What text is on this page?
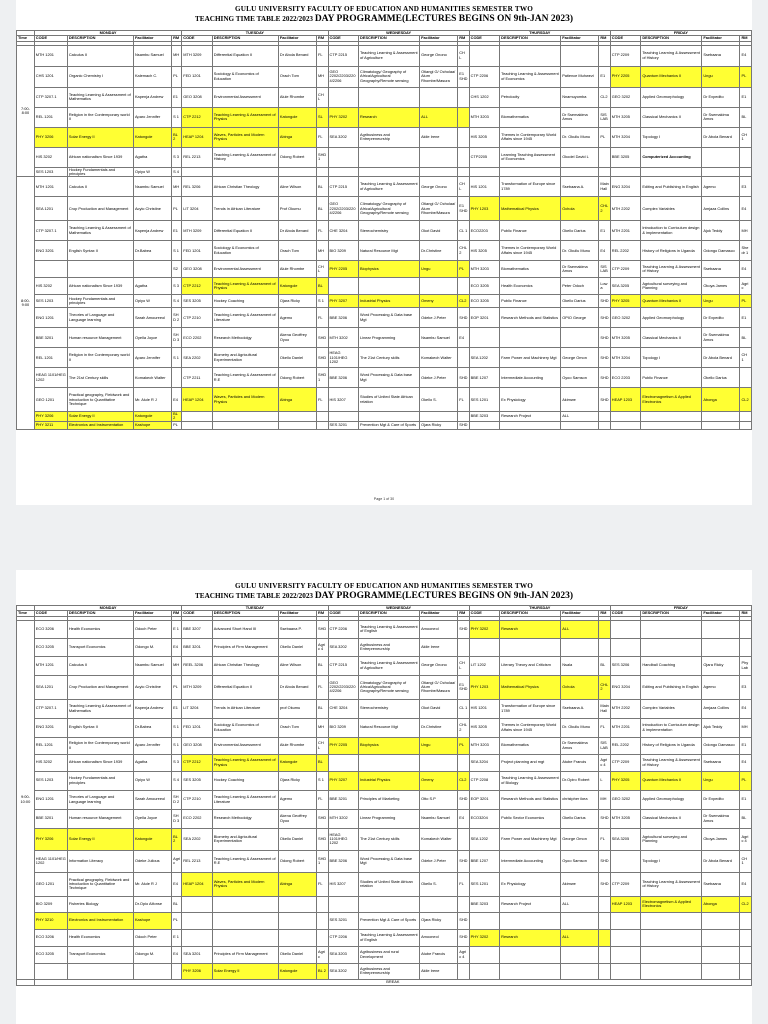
GULU UNIVERSITY FACULTY OF EDUCATION AND HUMANITIES SEMESTER TWO
TEACHING TIME TABLE 2022/2023 DAY PROGRAMME(LECTURES BEGINS ON 9th-JAN 2023)
	MONDAY				TUESDAY				WEDNESDAY				THURSDAY				FRIDAY			
Time	CODE	DESCRIPTION	Facilitator	RM	CODE	DESCRIPTION	Facilitator	RM	CODE	DESCRIPTION	Facilitator	RM	CODE	DESCRIPTION	Facilitator	RM	CODE	DESCRIPTION	Facilitator	RM

7:00-8:00	MTH 1201	Calculus II	Nsambu Samuel	MH	MTH 3209	Differential Equation II	Dr Abola Benard	FL	CTP 2215	Teaching Learning & Assessment of Agriculture	George Onono	CH L					CTP 2209	Teaching Learning & Assessment of History	Ssebaana	E4
	CHS 1201	Organic Chemistry I	Kalemach C.	PL	FED 1201	Sociology & Economics of Education	Orach Tom	MH	GEO 2202/2203/2204/2206	Climatology/ Geography of Africa/Agricultural Geography/Remote sensing	Otiangi G/ Ocholaa/ Alum Rhombe/Masura	E1 SHD	CTP 2206	Teaching Learning & Assessment of Economics	Patience Muhwezi	E1	PHY 2205	Quantum Mechanics II	Ungu	PL
	CTP 3207.1	Teaching Learning & Assessment of Mathematics	Kapenja Andrew	E1	GEO 3208	Environmental Assessment	Alule Rhombe	CH L					CHS 1202	Petrolocity	Nnamuyomba	CL2	GEO 3202	Applied Geomorphology	Dr Expedito	E1
	REL 1201	Religion in the Contemporary world II	Aparo Jennifer	S 1	CTP 2212	Teaching Learning & Assessment of Physics	Katongole	SL	PHY 3202	Research	ALL		MTH 3203	Biomathematics	Dr Ssemakima Amos	SIS LAB	MTH 3205	Classical Mechanics II	Dr Ssemakima Amos	BL
	PHY 3206	Solar Energy II	Katongole	BL 2	HEAP 1204	Waves, Particles and Modern Physics	Abinga	FL	SEA 3202	Agribusiness and Entrepreneurship	Akile Irene		HIS 3205	Themes in Contemporary World Affairs since 1945	Dr. Okullu Munu	PL	MTH 3204	Topology I	Dr Abola Benard	CH 1
	HIS 3202	African nationalism Since 1939	Agatha	S 3	REL 2213	Teaching Learning & Assessment of History	Odong Robert	SHD 1					CTP2205	Learning Teaching Assessment of Economics	Okodel David L		BBE 3205	Computerized Accounting		
	SES 1203	Hockey Fundamentals and principles	Opiyo W	S 4																
8:00-9:00	MTH 1201	Calculus II	Nsambu Samuel	MH	REL 3206	African Christian Theology	Aline Wilson	BL	CTP 2215	Teaching Learning & Assessment of Agriculture	George Onono	CH L	HIS 1201	Transformation of Europe since 1789	Ssebaana A.	Main Hall	ENG 3204	Editing and Publishing in English	Agemo	E3
	SEA 1201	Crop Production and Management	Acyio Christine	PL	LIT 3204	Trends in African Literature	Prof Okumu	BL	GEO 2202/2203/2204/2206	Climatology/ Geography of Africa/Agricultural Geography/Remote sensing	Otiangi G/ Ocholaa/ Alum Rhombe/Masura	E1 SHD	PHY 1203	Mathematical Physics	Ochola	CHL 2	MTH 2202	Complex Variables	Amjaza Collins	E4
	CTP 3207.1	Teaching Learning & Assessment of Mathematics	Kapenja Andrew	E1	MTH 3209	Differential Equation II	Dr Abola Benard	FL	CHE 3204	Stereochemistry	Okot David	CL 1	ECO2203	Public Finance	Okello Darius	E1	MTH 2201	Introduction to Curriculum design & implementation	Ajok Teddy	MH
	ENG 3201	English Syntax II	Dr.Babea	S 1	FED 1201	Sociology & Economics of Education	Orach Tom	MH	BIO 3209	Natural Resource Mgt	Dr.Christine	CHL 2	HIS 3205	Themes in Contemporary World Affairs since 1945	Dr. Okullu Munu	E4	REL 2202	History of Religions in Uganda	Odongo Damasco	She dr 1
				S2	GEO 3208	Environmental Assessment	Alule Rhombe	CH L	PHY 2205	Biophysics	Ungu	PL	MTH 3203	Biomathematics	Dr Ssemakima Amos	SIS LAB	CTP 2209	Teaching Learning & Assessment of History	Ssebaana	E4
	HIS 3202	African nationalism Since 1939	Agatha	S 3	CTP 2212	Teaching Learning & Assessment of Physics	Katongole	BL					ECO 3205	Health Economics	Peter Odoch	Lowa	SEA 3205	Agricultural surveying and Planning	Okoya James	Agric
	SES 1203	Hockey Fundamentals and principles	Opiyo W	S 4	SES 3205	Hockey Coaching	Ojara Ricky	S 1	PHY 3207	Industrial Physics	Omeny	CL2	ECO 3205	Public Finance	Okello Darius	SHD	PHY 3205	Quantum Mechanics II	Ungu	PL
	ENG 1201	Theories of Language and Language learning	Sarah Amoureeol	SHD 2	CTP 2210	Teaching Learning & Assessment of Literature	Agemo	FL	BBE 3206	Word Processing & Data base Mgt	Odeke J.Peter	SHD	EOP 3201	Research Methods and Statistics	OPIO George	SHD	GEO 3202	Applied Geomorphology	Dr Expedito	E1
	BBE 3201	Human resource Management	Oyella Joyce	SHD 3	ECO 2202	Research Methodolgy	Akena Geoffrey Oyoo	SHD	MTH 3202	Linear Programming	Nsambu Samuel	E4				SHD	MTH 3205	Classical Mechanics II	Dr Ssemakima Amos	BL
	REL 1201	Religion in the Contemporary world II	Aparo Jennifer	S 1	SEA 2202	Biometry and Agricultural Experimentation	Okello Daniel	SHD	HEAG 1101/HEG 1202	The 21st Century skills	Komakech Walter		SEA 1202	Farm Power and Machinery Mgt	George Omon	SHD	MTH 3204	Topology I	Dr Abola Benard	CH 1
	HEAG 1101/HEG 1202	The 21st Century skills	Komakech Walter		CTP 2211	Teaching Learning & Assessment of R.E	Odong Robert	SHD 1	BBE 3206	Word Processing & Data base Mgt	Odeke J.Peter	SHD	BBE 1207	Intermediate Accounting	Oyoo Samson	SHD	ECO 2203	Public Finance	Okello Darius	
	GEO 1201	Practical geography, Fieldwork and introduction to Quantitative Technique	Mr. Alule R J	E4	HEAP 1204	Waves, Particles and Modern Physics	Abinga	FL	HIS 3207	Studies of United State African relation	Okello S.	FL	SES 1201	Ex Physiology	Akimwe	SHD	HEAP 1203	Electromagnetism & Applied Electronics	Abonga	CL2
	PHY 3206	Solar Energy II	Katongole	BL 2									BBE 3203	Research Project	ALL					
	PHY 3211	Electronics and Instrumentation	Kashope	PL					SES 3201	Prevention Mgt & Care of Sports	Ojara Ricky	SHD								
Page 1 of 30
GULU UNIVERSITY FACULTY OF EDUCATION AND HUMANITIES SEMESTER TWO
TEACHING TIME TABLE 2022/2023 DAY PROGRAMME(LECTURES BEGINS ON 9th-JAN 2023)
	MONDAY				TUESDAY				WEDNESDAY				THURSDAY				FRIDAY			
Time	CODE	DESCRIPTION	Facilitator	RM	CODE	DESCRIPTION	Facilitator	RM	CODE	DESCRIPTION	Facilitator	RM	CODE	DESCRIPTION	Facilitator	RM	CODE	DESCRIPTION	Facilitator	RM

9:00-10:00	ECO 3206	Health Economics	Odoch Peter	E 1	BBE 3207	Advanced Short Hand III	Ssebaana P.	SHD	CTP 2206	Teaching Learning & Assessment of English	Amooneol	SHD	PHY 3202	Research	ALL					
	ECO 3205	Transport Economics	Odongo M.	E4	BBE 3201	Principles of Firm Management	Okello Daniel	Agric 4	SEA 3202	Agribusiness and Entrepreneurship	Akile Irene									
	MTH 1201	Calculus II	Nsambu Samuel	MH	REEL 3206	African Christian Theology	Aline Wilson	BL	CTP 2215	Teaching Learning & Assessment of Agriculture	George Onono	CH L	LIT 1202	Literary Theory and Criticism	Nsala	BL	SES 3206	Handball Coaching	Ojara Ricky	Phy Lab
	SEA 1201	Crop Production and Management	Acyio Christine	PL	MTH 3209	Differential Equation II	Dr Abola Benard	FL	GEO 2202/2203/2204/2206	Climatology/ Geography of Africa/Agricultural Geography/Remote sensing	Otiangi G/ Ocholaa/ Alum Rhombe/Masura	E1 SHD	PHY 1203	Mathematical Physics	Ochola	CHL 2	ENG 3204	Editing and Publishing in English	Agemo	E3
	CTP 3207.1	Teaching Learning & Assessment of Mathematics	Kapenja Andrew	E1	LIT 3204	Trends in African Literature	prof Okumu	BL	CHE 3204	Stereochemistry	Okot David	CL 1	HIS 1201	Transformation of Europe since 1789	Ssebaana A.	Main Hall	MTH 2202	Complex Variables	Amjaza Collins	E4
	ENG 3201	English Syntax II	Dr.Babea	S 1	FED 1201	Sociology & Economics of Education	Orach Tom	MH	BIO 3209	Natural Resource Mgt	Dr.Christine	CHL 2	HIS 3205	Themes in Contemporary World Affairs since 1945	Dr. Okullu Munu	FL	MTH 2201	Introduction to Curriculum design & implementation	Ajok Teddy	MH
	REL 1201	Religion in the Contemporary world II	Aparo Jennifer	S 1	GEO 3208	Environmental Assessment	Alule Rhombe	CH L	PHY 2205	Biophysics	Ungu	PL	MTH 3203	Biomathematics	Dr Ssemakima Amos	SIS LAB	REL 2202	History of Religions in Uganda	Odongo Damasco	E1
	HIS 3202	African nationalism Since 1939	Agatha	S 3	CTP 2212	Teaching Learning & Assessment of Physics	Katongole	BL					SEA 3204	Project planning and mgt	Atube Francis	Agric 4	CTP 2209	Teaching Learning & Assessment of History	Ssebaana	E4
	SES 1203	Hockey Fundamentals and principles	Opiyo W	S 4	SES 3205	Hockey Coaching	Ojara Ricky	S 1	PHY 3207	Industrial Physics	Omeny	CL2	CTP 2208	Teaching Learning & Assessment of Biology	Dr.Opiro Robert	L	PHY 3205	Quantum Mechanics II	Ungu	PL
	ENG 1201	Theories of Language and Language learning	Sarah Amoureeol	SHD 2	CTP 2210	Teaching Learning & Assessment of Literature	Agemo	FL	BBE 3201	Principles of Marketing	Otto S.P	SHD	EOP 3201	Research Methods and Statistics	christpher ikea	MH	GEO 3202	Applied Geomorphology	Dr Expedito	E1
	BBE 3201	Human resource Management	Oyella Joyce	SHD 3	ECO 2202	Research Methodolgy	Akena Geoffrey Oyoo	SHD	MTH 3202	Linear Programming	Nsambu Samuel	E4	ECO3204	Public Sector Economics	Okello Darius	SHD	MTH 3205	Classical Mechanics II	Dr Ssemakima Amos	BL
	PHY 3206	Solar Energy II	Katongole	BL 2	SEA 2202	Biometry and Agricultural Experimentation	Okello Daniel	SHD	HEAG 1101/HEG 1202	The 21st Century skills	Komakech Walter		SEA 1202	Farm Power and Machinery Mgt	George Omon	FL	SEA 3205	Agricultural surveying and Planning	Okoya James	Agric 4
	HEAG 1101/HEG 1202	Information Literacy	Odeke Julious	Agric	REL 2213	Teaching Learning & Assessment of R.E	Odong Robert	SHD 1	BBE 3206	Word Processing & Data base Mgt	Odeke J.Peter	SHD	BBE 1207	Intermediate Accounting	Oyoo Samson	SHD		Topology I	Dr Abola Benard	CH 1
	GEO 1201	Practical geography, Fieldwork and introduction to Quantitative Technique	Mr. Alule R J	E4	HEAP 1204	Waves, Particles and Modern Physics	Abinga	FL	HIS 3207	Studies of United State African relation	Okello S.	FL	SES 1201	Ex Physiology	Akimwe	SHD	CTP 2209	Teaching Learning & Assessment of History	Ssebaana	E4
	BIO 3209	Fisheries Biology	Dr.Opio Alfonse	BL									BBE 3203	Research Project	ALL		HEAP 1203	Electromagnetism & Applied Electronics	Abonga	CL2
	PHY 3210	Electronics and Instrumentation	Kashope	PL					SES 3201	Prevention Mgt & Care of Sports	Ojara Ricky	SHD								
	ECO 3206	Health Economics	Odoch Peter	E 1					CTP 2206	Teaching Learning & Assessment of English	Amooneol	SHD	PHY 3202	Research	ALL					
	ECO 3205	Transport Economics	Odongo M.	E4	SEA 3201	Principles of Firm Management	Okello Daniel	Agric	SEA 3203	Agribusiness and rural Development	Atube Francis	Agric 4								
					PHY 3206	Solar Energy II	Katongole	BL 2	SEA 3202	Agribusiness and Entrepreneurship	Akile Irene									
	BREAK																			
